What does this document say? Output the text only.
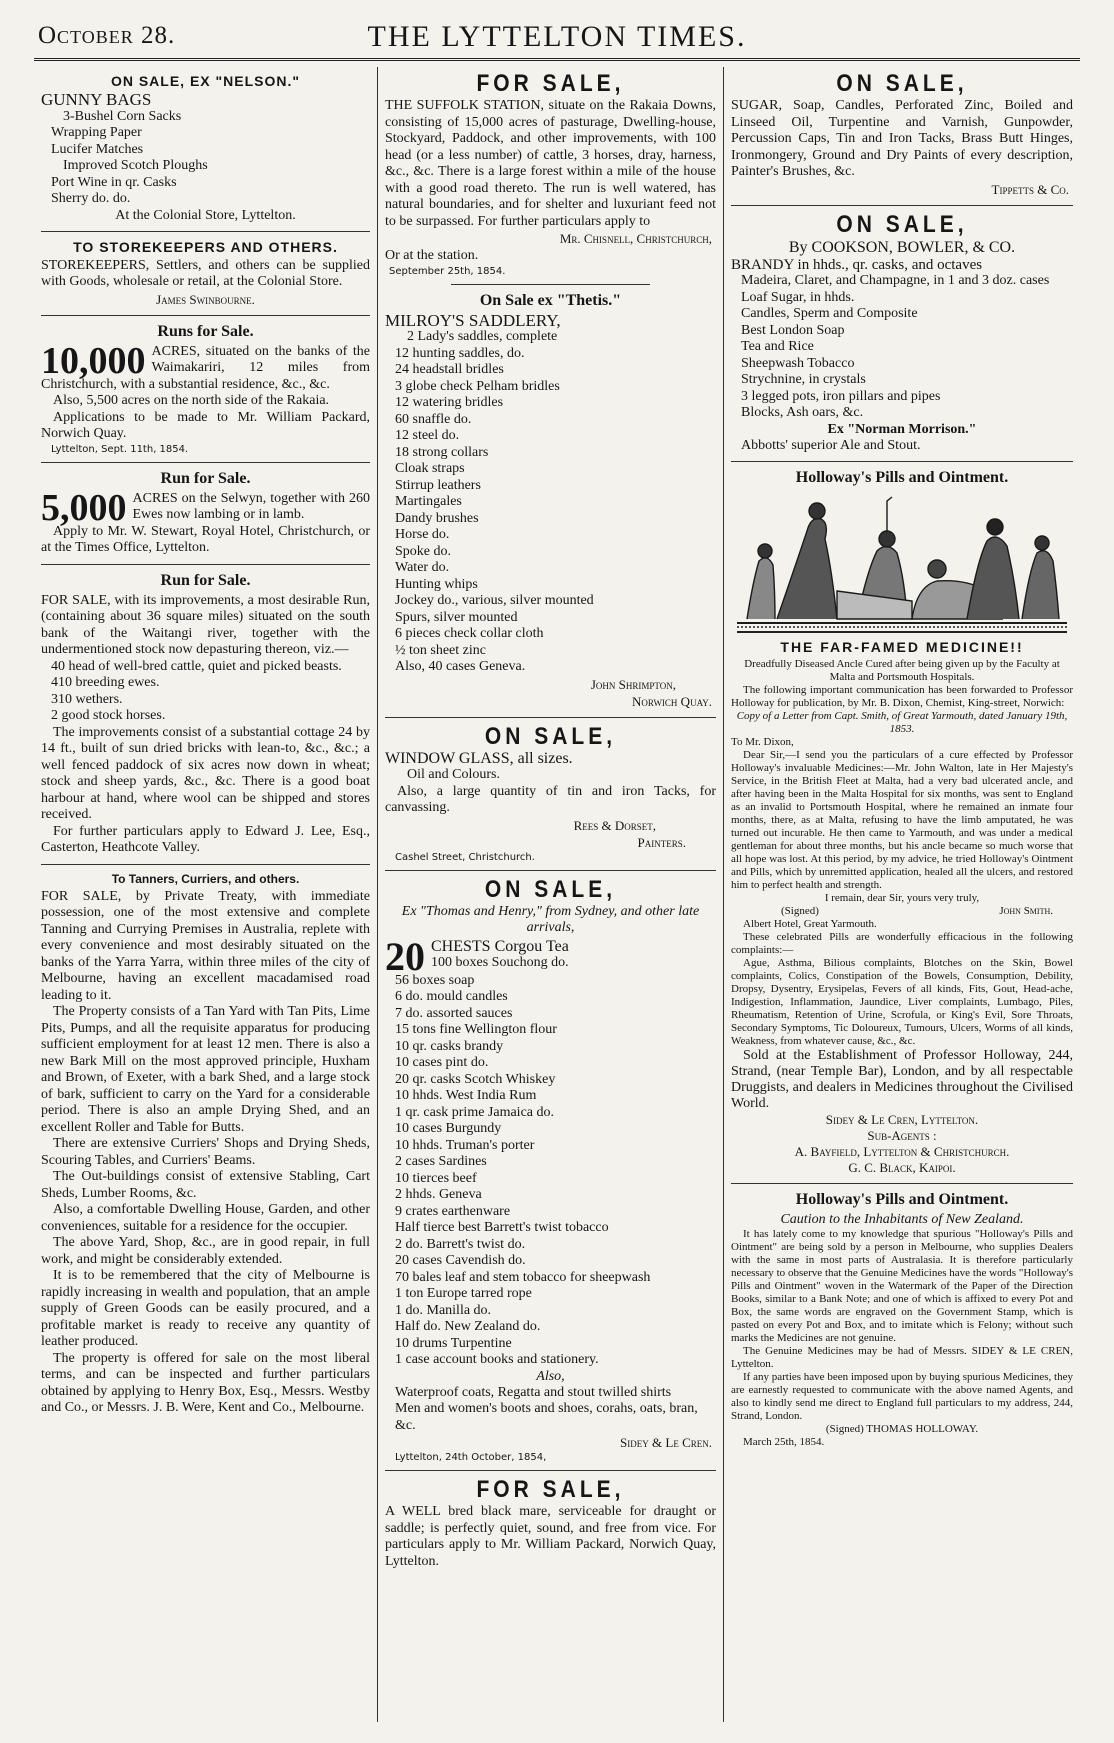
October 28.	THE LYTTELTON TIMES.
ON SALE, EX "NELSON."
GUNNY BAGS
3-Bushel Corn Sacks
Wrapping Paper
Lucifer Matches
Improved Scotch Ploughs
Port Wine in qr. Casks
Sherry do. do.
At the Colonial Store, Lyttelton.
TO STOREKEEPERS AND OTHERS.

STOREKEEPERS, Settlers, and others can be supplied with Goods, wholesale or retail, at the Colonial Store.

James Swinbourne.
Runs for Sale.

10,000 ACRES, situated on the banks of the Waimakariri, 12 miles from Christchurch, with a substantial residence, &c., &c.

Also, 5,500 acres on the north side of the Rakaia.

Applications to be made to Mr. William Packard, Norwich Quay.

Lyttelton, Sept. 11th, 1854.
Run for Sale.

5,000 ACRES on the Selwyn, together with 260 Ewes now lambing or in lamb.

Apply to Mr. W. Stewart, Royal Hotel, Christchurch, or at the Times Office, Lyttelton.

Run for Sale.

FOR SALE, with its improvements, a most desirable Run, (containing about 36 square miles) situated on the south bank of the Waitangi river, together with the undermentioned stock now depasturing thereon, viz.—

40 head of well-bred cattle, quiet and picked beasts.
410 breeding ewes.
310 wethers.
2 good stock horses.

The improvements consist of a substantial cottage 24 by 14 ft., built of sun dried bricks with lean-to, &c., &c.; a well fenced paddock of six acres now down in wheat; stock and sheep yards, &c., &c. There is a good boat harbour at hand, where wool can be shipped and stores received.

For further particulars apply to Edward J. Lee, Esq., Casterton, Heathcote Valley.

To Tanners, Curriers, and others.

FOR SALE, by Private Treaty, with immediate possession, one of the most extensive and complete Tanning and Currying Premises in Australia, replete with every convenience and most desirably situated on the banks of the Yarra Yarra, within three miles of the city of Melbourne, having an excellent macadamised road leading to it.

The Property consists of a Tan Yard with Tan Pits, Lime Pits, Pumps, and all the requisite apparatus for producing sufficient employment for at least 12 men. There is also a new Bark Mill on the most approved principle, Huxham and Brown, of Exeter, with a bark Shed, and a large stock of bark, sufficient to carry on the Yard for a considerable period. There is also an ample Drying Shed, and an excellent Roller and Table for Butts.

There are extensive Curriers' Shops and Drying Sheds, Scouring Tables, and Curriers' Beams.

The Out-buildings consist of extensive Stabling, Cart Sheds, Lumber Rooms, &c.

Also, a comfortable Dwelling House, Garden, and other conveniences, suitable for a residence for the occupier.

The above Yard, Shop, &c., are in good repair, in full work, and might be considerably extended.

It is to be remembered that the city of Melbourne is rapidly increasing in wealth and population, that an ample supply of Green Goods can be easily procured, and a profitable market is ready to receive any quantity of leather produced.

The property is offered for sale on the most liberal terms, and can be inspected and further particulars obtained by applying to Henry Box, Esq., Messrs. Westby and Co., or Messrs. J. B. Were, Kent and Co., Melbourne.

FOR SALE,

THE SUFFOLK STATION, situate on the Rakaia Downs, consisting of 15,000 acres of pasturage, Dwelling-house, Stockyard, Paddock, and other improvements, with 100 head (or a less number) of cattle, 3 horses, dray, harness, &c., &c. There is a large forest within a mile of the house with a good road thereto. The run is well watered, has natural boundaries, and for shelter and luxuriant feed not to be surpassed. For further particulars apply to

Mr. Chisnell, Christchurch,

Or at the station.

September 25th, 1854.
On Sale ex "Thetis."
MILROY'S SADDLERY,
2 Lady's saddles, complete
12 hunting saddles, do.
24 headstall bridles
3 globe check Pelham bridles
12 watering bridles
60 snaffle do.
12 steel do.
18 strong collars
Cloak straps
Stirrup leathers
Martingales
Dandy brushes
Horse do.
Spoke do.
Water do.
Hunting whips
Jockey do., various, silver mounted
Spurs, silver mounted
6 pieces check collar cloth
½ ton sheet zinc
Also, 40 cases Geneva.
John Shrimpton,
Norwich Quay.
ON SALE,
WINDOW GLASS, all sizes.
Oil and Colours.

Also, a large quantity of tin and iron Tacks, for canvassing.

Rees & Dorset,
Painters.
Cashel Street, Christchurch.
ON SALE,
Ex "Thomas and Henry," from Sydney, and other late arrivals,
20 CHESTS Corgou Tea
100 boxes Souchong do.
56 boxes soap
6 do. mould candles
7 do. assorted sauces
15 tons fine Wellington flour
10 qr. casks brandy
10 cases pint do.
20 qr. casks Scotch Whiskey
10 hhds. West India Rum
1 qr. cask prime Jamaica do.
10 cases Burgundy
10 hhds. Truman's porter
2 cases Sardines
10 tierces beef
2 hhds. Geneva
9 crates earthenware
Half tierce best Barrett's twist tobacco
2 do. Barrett's twist do.
20 cases Cavendish do.
70 bales leaf and stem tobacco for sheepwash
1 ton Europe tarred rope
1 do. Manilla do.
Half do. New Zealand do.
10 drums Turpentine
1 case account books and stationery.
Also,
Waterproof coats, Regatta and stout twilled shirts
Men and women's boots and shoes, corahs, oats, bran, &c.
Sidey & Le Cren.
Lyttelton, 24th October, 1854,
FOR SALE,

A WELL bred black mare, serviceable for draught or saddle; is perfectly quiet, sound, and free from vice. For particulars apply to Mr. William Packard, Norwich Quay, Lyttelton.

ON SALE,

SUGAR, Soap, Candles, Perforated Zinc, Boiled and Linseed Oil, Turpentine and Varnish, Gunpowder, Percussion Caps, Tin and Iron Tacks, Brass Butt Hinges, Ironmongery, Ground and Dry Paints of every description, Painter's Brushes, &c.

Tippetts & Co.
ON SALE,
By COOKSON, BOWLER, & CO.

BRANDY in hhds., qr. casks, and octaves

Madeira, Claret, and Champagne, in 1 and 3 doz. cases
Loaf Sugar, in hhds.
Candles, Sperm and Composite
Best London Soap
Tea and Rice
Sheepwash Tobacco
Strychnine, in crystals
3 legged pots, iron pillars and pipes
Blocks, Ash oars, &c.
Ex "Norman Morrison."
Abbotts' superior Ale and Stout.
Holloway's Pills and Ointment.
THE FAR-FAMED MEDICINE!!

Dreadfully Diseased Ancle Cured after being given up by the Faculty at Malta and Portsmouth Hospitals.

The following important communication has been forwarded to Professor Holloway for publication, by Mr. B. Dixon, Chemist, King-street, Norwich:

Copy of a Letter from Capt. Smith, of Great Yarmouth, dated January 19th, 1853.

To Mr. Dixon,

Dear Sir,—I send you the particulars of a cure effected by Professor Holloway's invaluable Medicines:—Mr. John Walton, late in Her Majesty's Service, in the British Fleet at Malta, had a very bad ulcerated ancle, and after having been in the Malta Hospital for six months, was sent to England as an invalid to Portsmouth Hospital, where he remained an inmate four months, there, as at Malta, refusing to have the limb amputated, he was turned out incurable. He then came to Yarmouth, and was under a medical gentleman for about three months, but his ancle became so much worse that all hope was lost. At this period, by my advice, he tried Holloway's Ointment and Pills, which by unremitted application, healed all the ulcers, and restored him to perfect health and strength.

I remain, dear Sir, yours very truly,

(Signed)	John Smith.

Albert Hotel, Great Yarmouth.

These celebrated Pills are wonderfully efficacious in the following complaints:—

Ague, Asthma, Bilious complaints, Blotches on the Skin, Bowel complaints, Colics, Constipation of the Bowels, Consumption, Debility, Dropsy, Dysentry, Erysipelas, Fevers of all kinds, Fits, Gout, Head-ache, Indigestion, Inflammation, Jaundice, Liver complaints, Lumbago, Piles, Rheumatism, Retention of Urine, Scrofula, or King's Evil, Sore Throats, Secondary Symptoms, Tic Doloureux, Tumours, Ulcers, Worms of all kinds, Weakness, from whatever cause, &c., &c.

Sold at the Establishment of Professor Holloway, 244, Strand, (near Temple Bar), London, and by all respectable Druggists, and dealers in Medicines throughout the Civilised World.

Sidey & Le Cren, Lyttelton.
Sub-Agents :
A. Bayfield, Lyttelton & Christchurch.
G. C. Black, Kaipoi.
Holloway's Pills and Ointment.
Caution to the Inhabitants of New Zealand.

It has lately come to my knowledge that spurious "Holloway's Pills and Ointment" are being sold by a person in Melbourne, who supplies Dealers with the same in most parts of Australasia. It is therefore particularly necessary to observe that the Genuine Medicines have the words "Holloway's Pills and Ointment" woven in the Watermark of the Paper of the Direction Books, similar to a Bank Note; and one of which is affixed to every Pot and Box, the same words are engraved on the Government Stamp, which is pasted on every Pot and Box, and to imitate which is Felony; without such marks the Medicines are not genuine.

The Genuine Medicines may be had of Messrs. SIDEY & LE CREN, Lyttelton.

If any parties have been imposed upon by buying spurious Medicines, they are earnestly requested to communicate with the above named Agents, and also to kindly send me direct to England full particulars to my address, 244, Strand, London.

(Signed) THOMAS HOLLOWAY.

March 25th, 1854.
